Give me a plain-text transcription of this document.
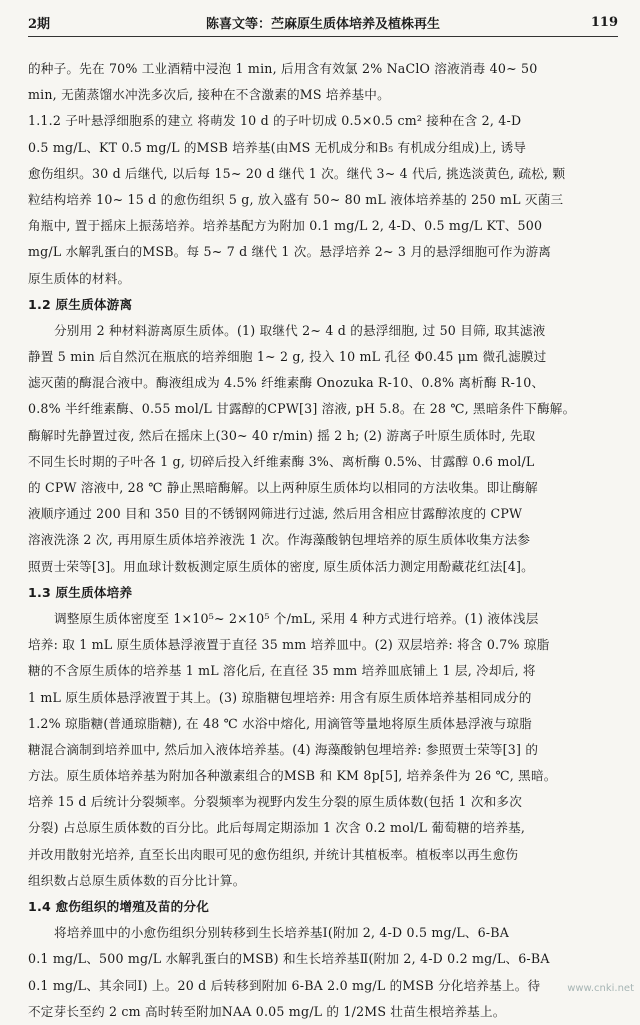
2期	陈喜文等：苎麻原生质体培养及植株再生	119
的种子。先在 70% 工业酒精中浸泡 1 min, 后用含有效氯 2% NaClO 溶液消毒 40~ 50
min, 无菌蒸馏水冲洗多次后, 接种在不含激素的MS 培养基中。
1.1.2 子叶悬浮细胞系的建立 将萌发 10 d 的子叶切成 0.5×0.5 cm² 接种在含 2, 4-D
0.5 mg/L、KT 0.5 mg/L 的MSB 培养基(由MS 无机成分和B₅ 有机成分组成)上, 诱导
愈伤组织。30 d 后继代, 以后每 15~ 20 d 继代 1 次。继代 3~ 4 代后, 挑选淡黄色, 疏松, 颗
粒结构培养 10~ 15 d 的愈伤组织 5 g, 放入盛有 50~ 80 mL 液体培养基的 250 mL 灭菌三
角瓶中, 置于摇床上振荡培养。培养基配方为附加 0.1 mg/L 2, 4-D、0.5 mg/L KT、500
mg/L 水解乳蛋白的MSB。每 5~ 7 d 继代 1 次。悬浮培养 2~ 3 月的悬浮细胞可作为游离
原生质体的材料。
1.2 原生质体游离
分别用 2 种材料游离原生质体。(1) 取继代 2~ 4 d 的悬浮细胞, 过 50 目筛, 取其滤液
静置 5 min 后自然沉在瓶底的培养细胞 1~ 2 g, 投入 10 mL 孔径 Φ0.45 μm 微孔滤膜过
滤灭菌的酶混合液中。酶液组成为 4.5% 纤维素酶 Onozuka R-10、0.8% 离析酶 R-10、
0.8% 半纤维素酶、0.55 mol/L 甘露醇的CPW[3] 溶液, pH 5.8。在 28 ℃, 黑暗条件下酶解。
酶解时先静置过夜, 然后在摇床上(30~ 40 r/min) 摇 2 h; (2) 游离子叶原生质体时, 先取
不同生长时期的子叶各 1 g, 切碎后投入纤维素酶 3%、离析酶 0.5%、甘露醇 0.6 mol/L
的 CPW 溶液中, 28 ℃ 静止黑暗酶解。以上两种原生质体均以相同的方法收集。即让酶解
液顺序通过 200 目和 350 目的不锈钢网筛进行过滤, 然后用含相应甘露醇浓度的 CPW
溶液洗涤 2 次, 再用原生质体培养液洗 1 次。作海藻酸钠包埋培养的原生质体收集方法参
照贾士荣等[3]。用血球计数板测定原生质体的密度, 原生质体活力测定用酚藏花红法[4]。
1.3 原生质体培养
调整原生质体密度至 1×10⁵~ 2×10⁵ 个/mL, 采用 4 种方式进行培养。(1) 液体浅层
培养: 取 1 mL 原生质体悬浮液置于直径 35 mm 培养皿中。(2) 双层培养: 将含 0.7% 琼脂
糖的不含原生质体的培养基 1 mL 溶化后, 在直径 35 mm 培养皿底铺上 1 层, 冷却后, 将
1 mL 原生质体悬浮液置于其上。(3) 琼脂糖包埋培养: 用含有原生质体培养基相同成分的
1.2% 琼脂糖(普通琼脂糖), 在 48 ℃ 水浴中熔化, 用滴管等量地将原生质体悬浮液与琼脂
糖混合滴制到培养皿中, 然后加入液体培养基。(4) 海藻酸钠包埋培养: 参照贾士荣等[3] 的
方法。原生质体培养基为附加各种激素组合的MSB 和 KM 8p[5], 培养条件为 26 ℃, 黑暗。
培养 15 d 后统计分裂频率。分裂频率为视野内发生分裂的原生质体数(包括 1 次和多次
分裂) 占总原生质体数的百分比。此后每周定期添加 1 次含 0.2 mol/L 葡萄糖的培养基,
并改用散射光培养, 直至长出肉眼可见的愈伤组织, 并统计其植板率。植板率以再生愈伤
组织数占总原生质体数的百分比计算。
1.4 愈伤组织的增殖及苗的分化
将培养皿中的小愈伤组织分别转移到生长培养基Ⅰ(附加 2, 4-D 0.5 mg/L、6-BA
0.1 mg/L、500 mg/L 水解乳蛋白的MSB) 和生长培养基Ⅱ(附加 2, 4-D 0.2 mg/L、6-BA
0.1 mg/L、其余同Ⅰ) 上。20 d 后转移到附加 6-BA 2.0 mg/L 的MSB 分化培养基上。待
不定芽长至约 2 cm 高时转至附加NAA 0.05 mg/L 的 1/2MS 壮苗生根培养基上。
www.cnki.net
